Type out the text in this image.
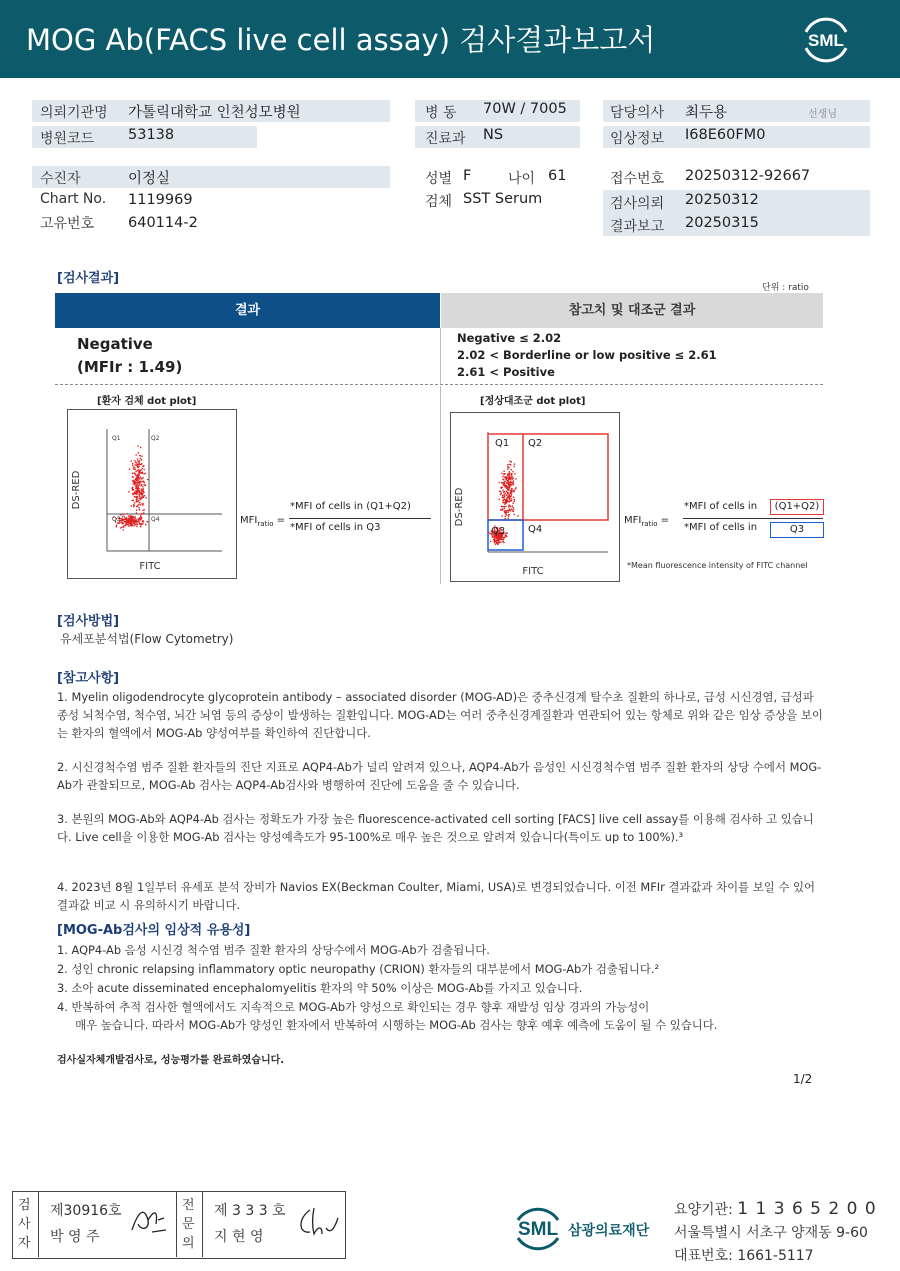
MOG Ab(FACS live cell assay) 검사결과보고서	SML
의뢰기관명 가톨릭대학교 인천성모병원
병원코드 53138
병 동 70W / 7005
진료과 NS
담당의사 최두용	선생님
임상정보 I68E60FM0
수진자	이정실
Chart No. 1119969
고유번호 640114-2
성별 F	나이 61
검체 SST Serum
접수번호 20250312-92667
검사의뢰 20250312
결과보고 20250315
[검사결과]
단위 : ratio
결과	참고치 및 대조군 결과
Negative
(MFIr : 1.49)
Negative ≤ 2.02
2.02 < Borderline or low positive ≤ 2.61
2.61 < Positive
[환자 검체 dot plot]
Q1	Q2
Q3	Q4
DS-RED
FITC
$MFI_{ratio}$ =
*MFI of cells in (Q1+Q2)
*MFI of cells in Q3
[정상대조군 dot plot]
Q1 Q2
Q3 Q4
DS-RED
FITC
$MFI_{ratio}$ =
*MFI of cells in	(Q1+Q2)
*MFI of cells in	Q3
*Mean fluorescence intensity of FITC channel
[검사방법]
유세포분석법(Flow Cytometry)
[참고사항]
1. Myelin oligodendrocyte glycoprotein antibody – associated disorder (MOG-AD)은 중추신경계 탈수초 질환의 하나로, 급성 시신경염, 급성파종성 뇌척수염, 척수염, 뇌간 뇌염 등의 증상이 발생하는 질환입니다. MOG-AD는 여러 중추신경계질환과 연관되어 있는 항체로 위와 같은 임상 증상을 보이는 환자의 혈액에서 MOG-Ab 양성여부를 확인하여 진단합니다.
2. 시신경척수염 범주 질환 환자들의 진단 지표로 AQP4-Ab가 널리 알려져 있으나, AQP4-Ab가 음성인 시신경척수염 범주 질환 환자의 상당 수에서 MOG-Ab가 관찰되므로, MOG-Ab 검사는 AQP4-Ab검사와 병행하여 진단에 도움을 줄 수 있습니다.
3. 본원의 MOG-Ab와 AQP4-Ab 검사는 정확도가 가장 높은 fluorescence-activated cell sorting [FACS] live cell assay를 이용해 검사하 고 있습니다. Live cell을 이용한 MOG-Ab 검사는 양성예측도가 95-100%로 매우 높은 것으로 알려져 있습니다(특이도 up to 100%).³
4. 2023년 8월 1일부터 유세포 분석 장비가 Navios EX(Beckman Coulter, Miami, USA)로 변경되었습니다. 이전 MFIr 결과값과 차이를 보일 수 있어 결과값 비교 시 유의하시기 바랍니다.
[MOG-Ab검사의 임상적 유용성]
1. AQP4-Ab 음성 시신경 척수염 범주 질환 환자의 상당수에서 MOG-Ab가 검출됩니다.
2. 성인 chronic relapsing inflammatory optic neuropathy (CRION) 환자들의 대부분에서 MOG-Ab가 검출됩니다.²
3. 소아 acute disseminated encephalomyelitis 환자의 약 50% 이상은 MOG-Ab를 가지고 있습니다.
4. 반복하여 추적 검사한 혈액에서도 지속적으로 MOG-Ab가 양성으로 확인되는 경우 향후 재발성 임상 경과의 가능성이
매우 높습니다. 따라서 MOG-Ab가 양성인 환자에서 반복하여 시행하는 MOG-Ab 검사는 향후 예후 예측에 도움이 될 수 있습니다.
검사실자체개발검사로, 성능평가를 완료하였습니다.
1/2
검사자
제30916호
박 영 주
전문의
제 3 3 3 호
지 현 영	SML 삼광의료재단
요양기관: 1 1 3 6 5 2 0 0
서울특별시 서초구 양재동 9-60
대표번호: 1661-5117
